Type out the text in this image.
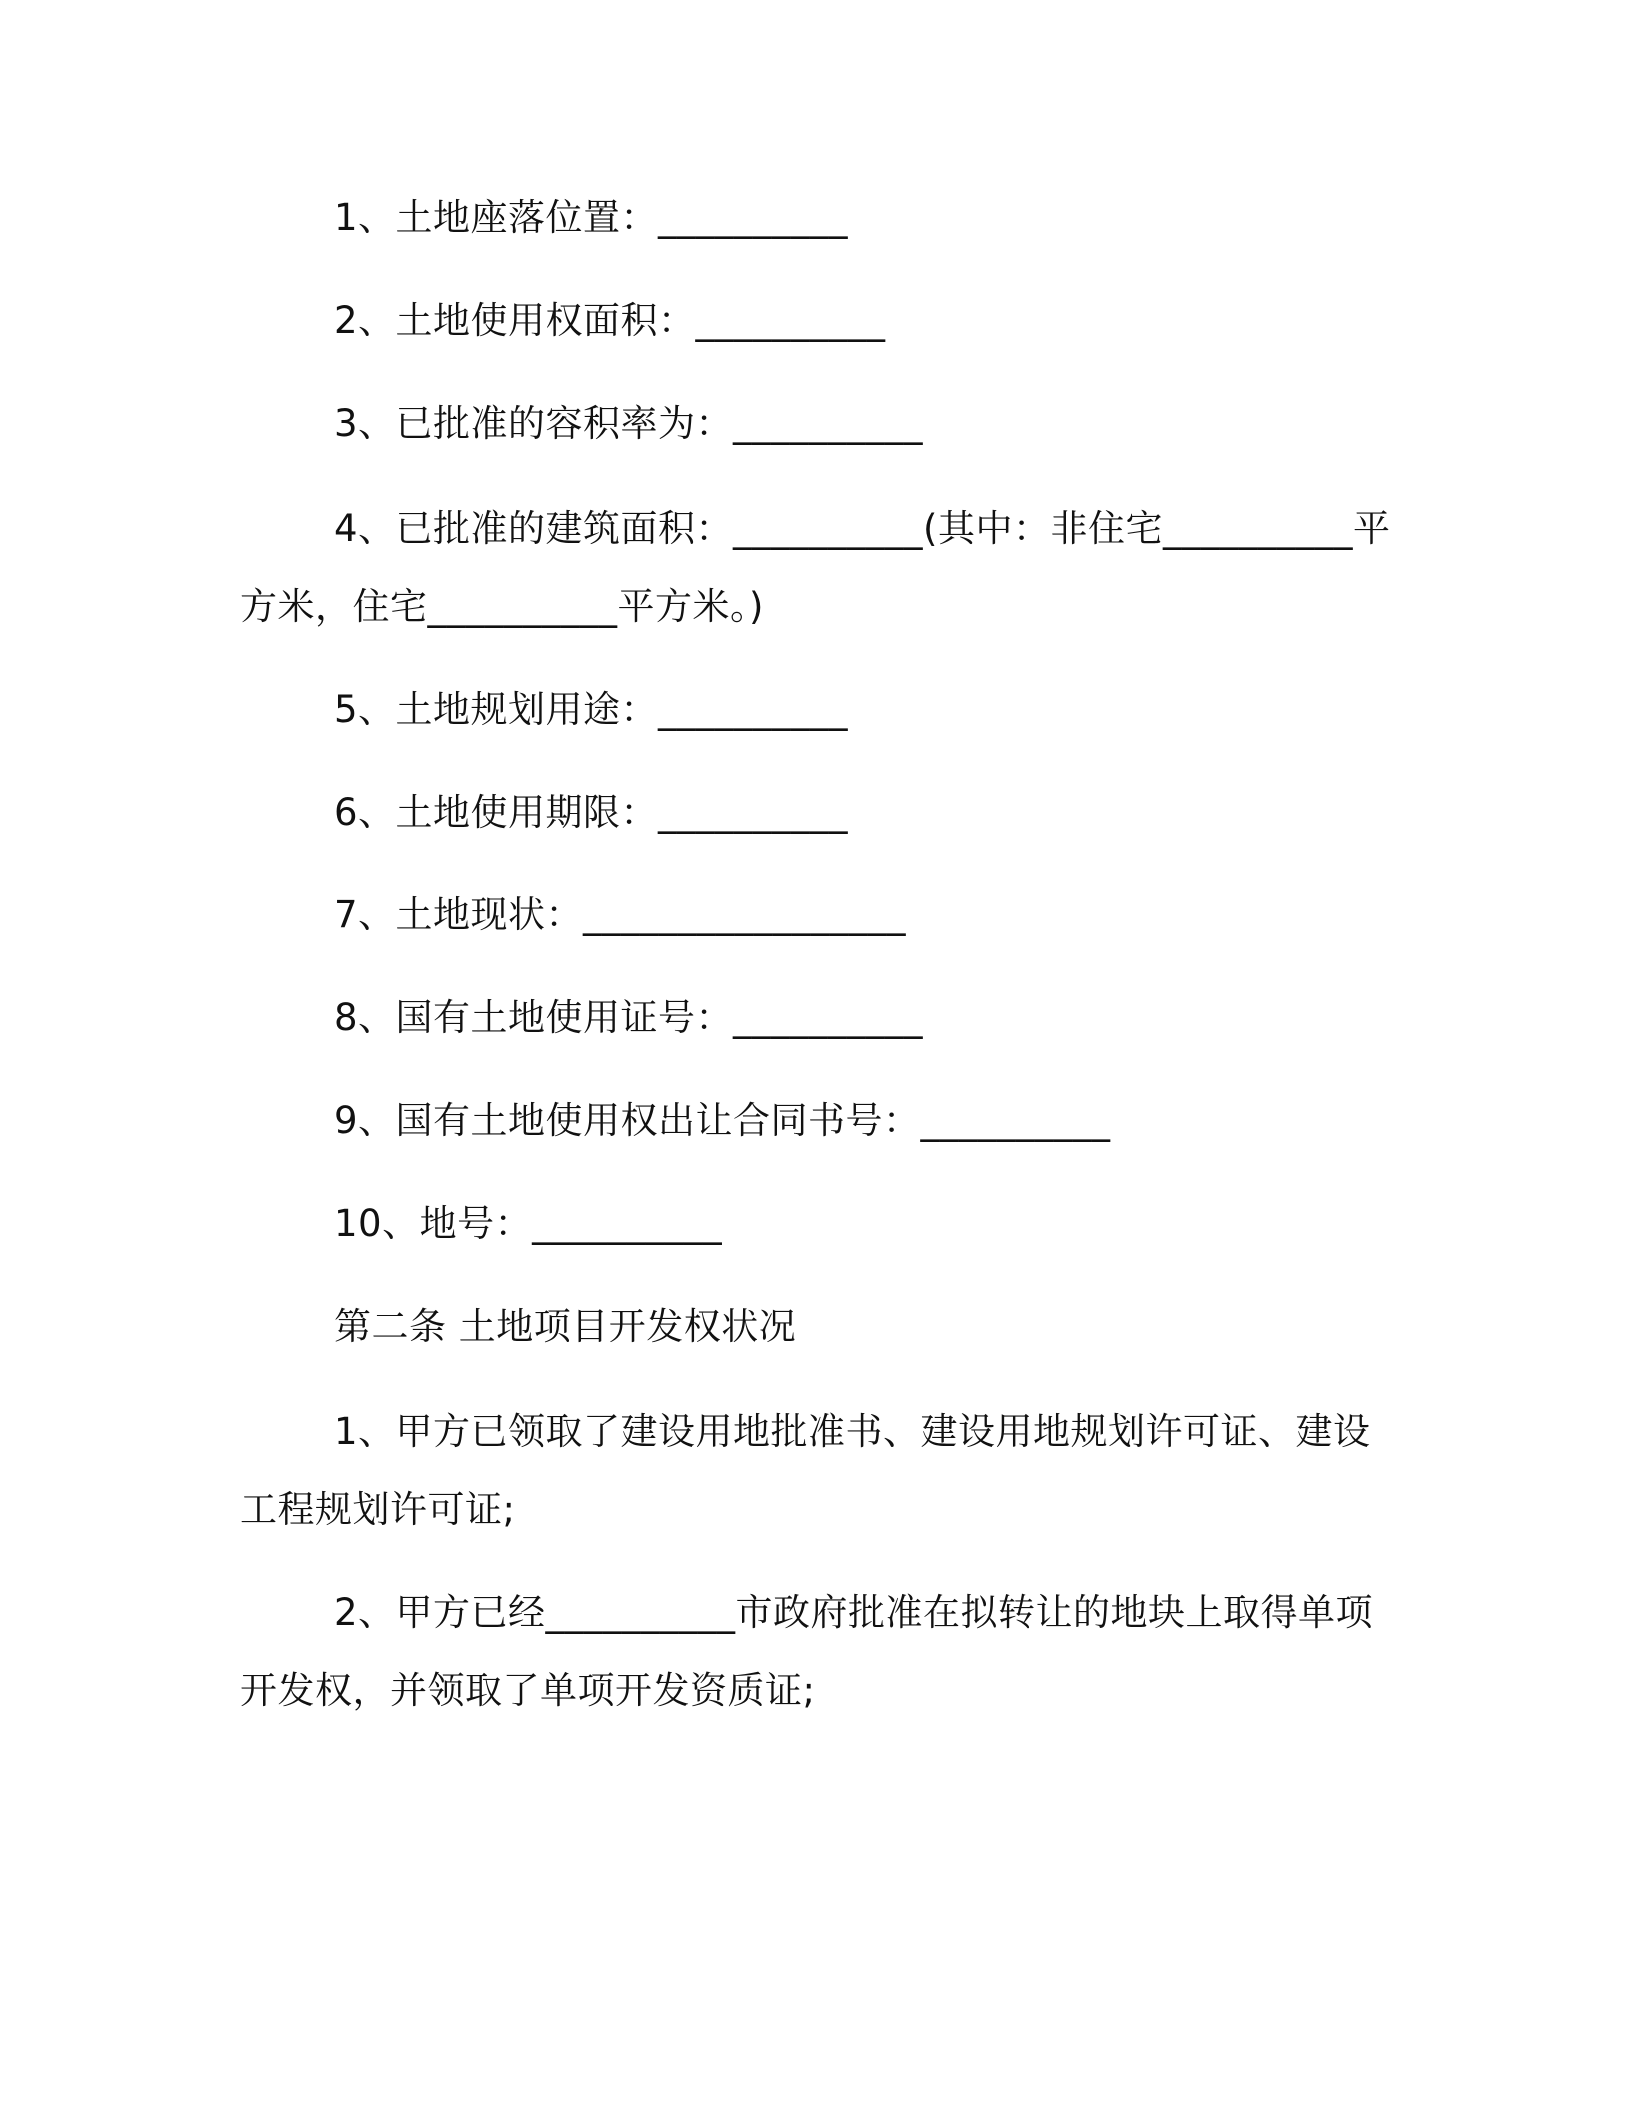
1、土地座落位置：__________
2、土地使用权面积：__________
3、已批准的容积率为：__________
4、已批准的建筑面积：__________(其中：非住宅__________平方米，住宅__________平方米。)
5、土地规划用途：__________
6、土地使用期限：__________
7、土地现状：_________________
8、国有土地使用证号：__________
9、国有土地使用权出让合同书号：__________
10、地号：__________
第二条 土地项目开发权状况
1、甲方已领取了建设用地批准书、建设用地规划许可证、建设工程规划许可证;
2、甲方已经__________市政府批准在拟转让的地块上取得单项开发权，并领取了单项开发资质证;
